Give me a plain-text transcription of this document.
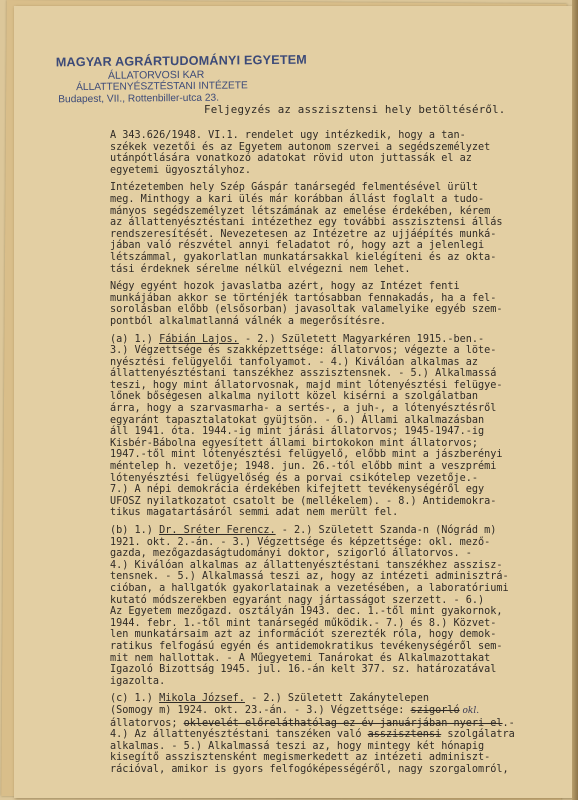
MAGYAR AGRÁRTUDOMÁNYI EGYETEM
ÁLLATORVOSI KAR
ÁLLATTENYÉSZTÉSTANI INTÉZETE
Budapest, VII., Rottenbiller-utca 23.
Feljegyzés az asszisztensi hely betöltéséről.

A 343.626/1948. VI.1. rendelet ugy intézkedik, hogy a tan-
székek vezetői és az Egyetem autonom szervei a segédszemélyzet
utánpótlására vonatkozó adatokat rövid uton juttassák el az
egyetemi ügyosztályhoz.

Intézetemben hely Szép Gáspár tanársegéd felmentésével ürült
meg. Minthogy a kari ülés már korábban állást foglalt a tudo-
mányos segédszemélyzet létszámának az emelése érdekében, kérem
az állattenyésztéstani intézethez egy további asszisztensi állás
rendszeresítését. Nevezetesen az Intézetre az ujjáépítés munká-
jában való részvétel annyi feladatot ró, hogy azt a jelenlegi
létszámmal, gyakorlatlan munkatársakkal kielégíteni és az okta-
tási érdeknek sérelme nélkül elvégezni nem lehet.

Négy egyént hozok javaslatba azért, hogy az Intézet fenti
munkájában akkor se történjék tartósabban fennakadás, ha a fel-
sorolásban előbb (elsősorban) javasoltak valamelyike egyéb szem-
pontból alkalmatlanná válnék a megerősítésre.

(a) 1.) Fábián Lajos. - 2.) Született Magyarkéren 1915.-ben.-
3.) Végzettsége és szakképzettsége: állatorvos; végezte a löte-
nyésztési felügyelői tanfolyamot. - 4.) Kiválóan alkalmas az
állattenyésztéstani tanszékhez asszisztensnek. - 5.) Alkalmassá
teszi, hogy mint állatorvosnak, majd mint lótenyésztési felügye-
lőnek bőségesen alkalma nyilott közel kisérni a szolgálatban
árra, hogy a szarvasmarha- a sertés-, a juh-, a lótenyésztésről
egyaránt tapasztalatokat gyüjtsön. - 6.) Állami alkalmazásban
áll 1941. óta. 1944.-ig mint járási állatorvos; 1945-1947.-ig
Kisbér-Bábolna egyesített állami birtokokon mint állatorvos;
1947.-től mint lótenyésztési felügyelő, előbb mint a jászberényi
méntelep h. vezetője; 1948. jun. 26.-tól előbb mint a veszprémi
lótenyésztési felügyelőség és a porvai csikótelep vezetője.-
7.) A népi demokrácia érdekében kifejtett tevékenységéről egy
UFOSZ nyilatkozatot csatolt be (mellékelem). - 8.) Antidemokra-
tikus magatartásáról semmi adat nem merült fel.

(b) 1.) Dr. Sréter Ferencz. - 2.) Született Szanda-n (Nógrád m)
1921. okt. 2.-án. - 3.) Végzettsége és képzettsége: okl. mező-
gazda, mezőgazdaságtudományi doktor, szigorló állatorvos. -
4.) Kiválóan alkalmas az állattenyésztéstani tanszékhez asszisz-
tensnek. - 5.) Alkalmassá teszi az, hogy az intézeti adminisztrá-
cióban, a hallgatók gyakorlatainak a vezetésében, a laboratóriumi
kutató módszerekben egyaránt nagy jártasságot szerzett. - 6.)
Az Egyetem mezőgazd. osztályán 1943. dec. 1.-től mint gyakornok,
1944. febr. 1.-től mint tanársegéd működik.- 7.) és 8.) Közvet-
len munkatársaim azt az információt szerezték róla, hogy demok-
ratikus felfogású egyén és antidemokratikus tevékenységéről sem-
mit nem hallottak. - A Műegyetemi Tanárokat és Alkalmazottakat
Igazoló Bizottság 1945. jul. 16.-án kelt 377. sz. határozatával
igazolta.

(c) 1.) Mikola József. - 2.) Született Zakánytelepen
(Somogy m) 1924. okt. 23.-án. - 3.) Végzettsége: szigorló okl.
állatorvos; oklevelét előreláthatólag ez év januárjában nyeri el.-
4.) Az állattenyésztéstani tanszéken való asszisztensi szolgálatra
alkalmas. - 5.) Alkalmassá teszi az, hogy mintegy két hónapig
kisegítő asszisztensként megismerkedett az intézeti adminiszt-
rációval, amikor is gyors felfogóképességéről, nagy szorgalomról,
